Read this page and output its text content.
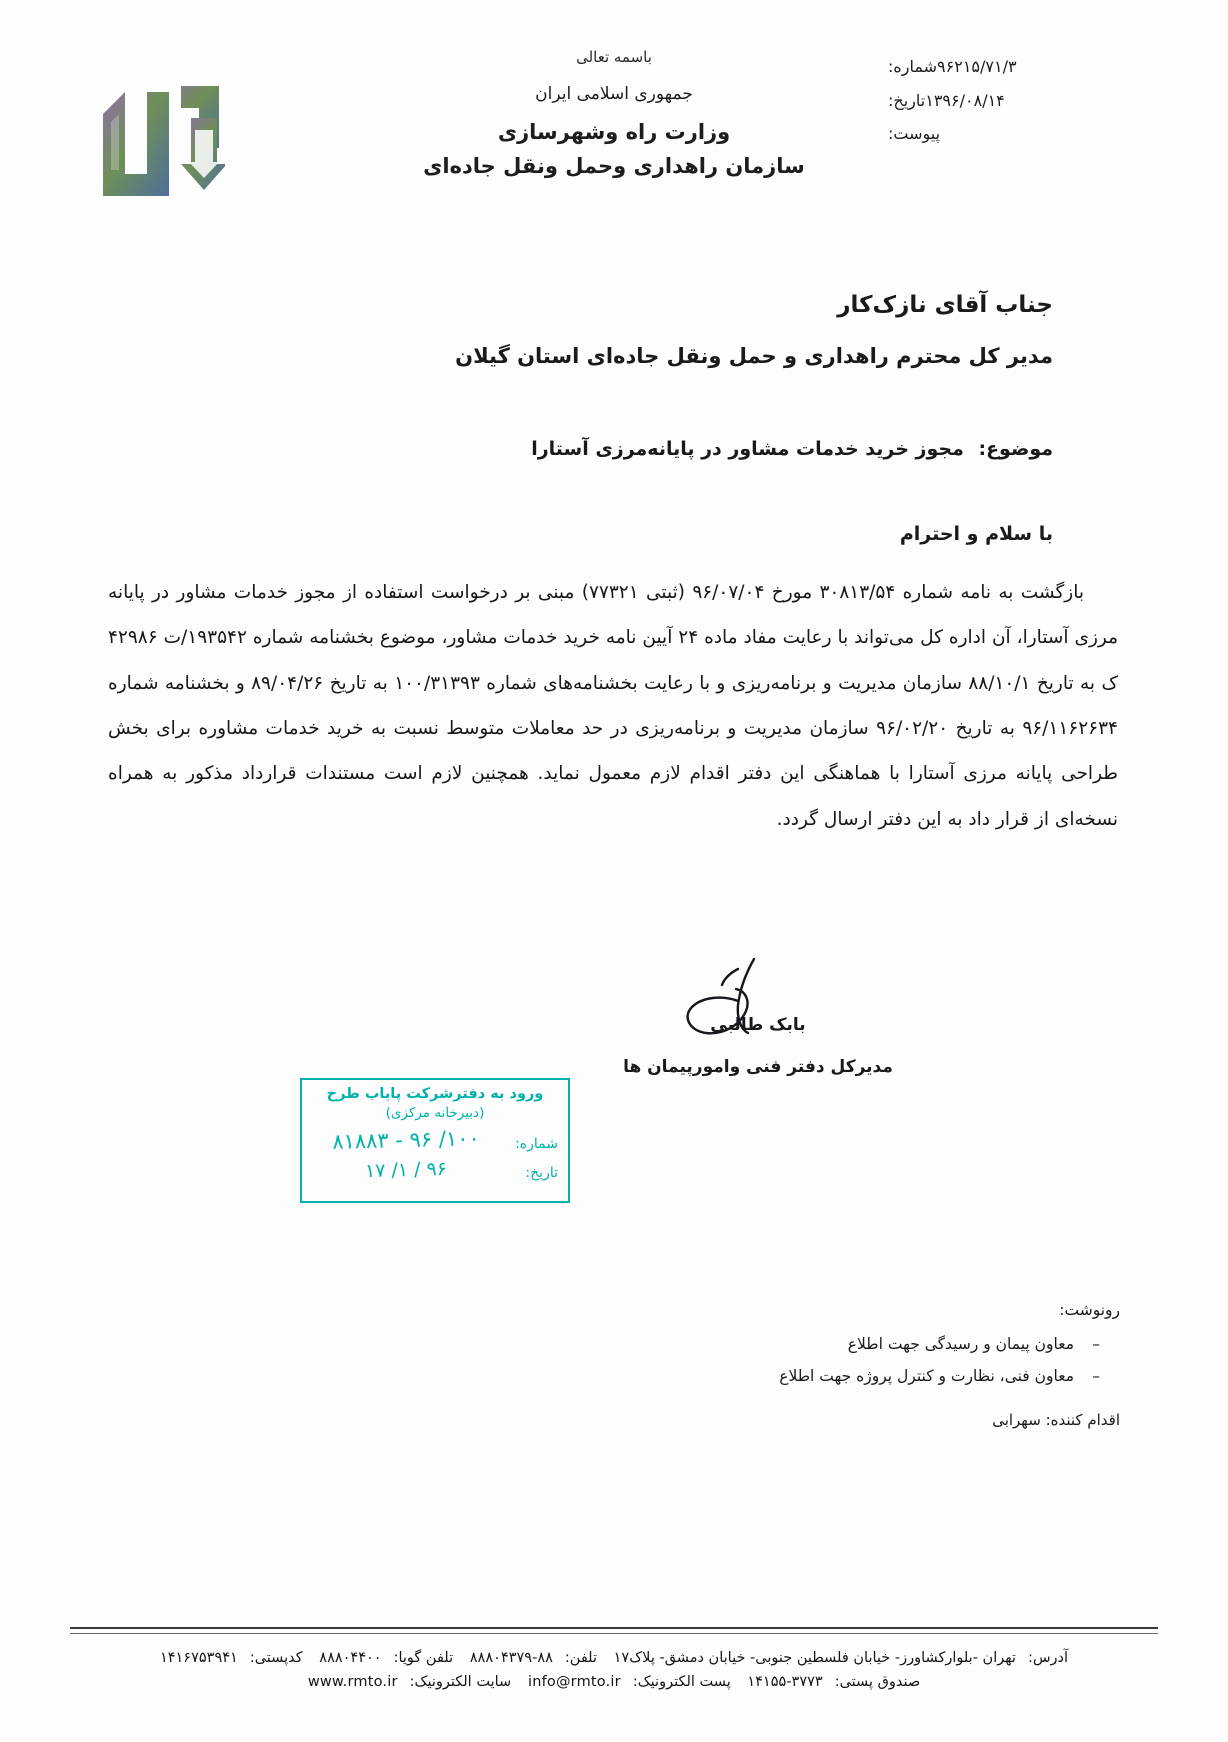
باسمه تعالی
جمهوری اسلامی ایران
وزارت راه وشهرسازی
سازمان راهداری وحمل ونقل جاده‌ای
۹۶۲۱۵/۷۱/۳شماره:
۱۳۹۶/۰۸/۱۴تاریخ:
پیوست:
جناب آقای نازک‌کار
مدیر کل محترم راهداری و حمل ونقل جاده‌ای استان گیلان
موضوع: مجوز خرید خدمات مشاور در پایانه‌مرزی آستارا
با سلام و احترام

بازگشت به نامه شماره ۳۰۸۱۳/۵۴ مورخ ۹۶/۰۷/۰۴ (ثبتی ۷۷۳۲۱) مبنی بر درخواست استفاده از مجوز خدمات مشاور در پایانه مرزی آستارا، آن اداره کل می‌تواند با رعایت مفاد ماده ۲۴ آیین نامه خرید خدمات مشاور، موضوع بخشنامه شماره ۱۹۳۵۴۲/ت ۴۲۹۸۶ ک به تاریخ ۸۸/۱۰/۱ سازمان مدیریت و برنامه‌ریزی و با رعایت بخشنامه‌های شماره ۱۰۰/۳۱۳۹۳ به تاریخ ۸۹/۰۴/۲۶ و بخشنامه شماره ۹۶/۱۱۶۲۶۳۴ به تاریخ ۹۶/۰۲/۲۰ سازمان مدیریت و برنامه‌ریزی در حد معاملات متوسط نسبت به خرید خدمات مشاوره برای بخش طراحی پایانه مرزی آستارا با هماهنگی این دفتر اقدام لازم معمول نماید. همچنین لازم است مستندات قرارداد مذکور به همراه نسخه‌ای از قرار داد به این دفتر ارسال گردد.

بابک طالبی
مدیرکل دفتر فنی وامورپیمان ها
ورود به دفترشرکت پایاب طرح
(دبیرخانه مرکزی)
شماره:
۱۰۰/ ۹۶ - ۸۱۸۸۳
تاریخ:
۹۶ / ۱/ ۱۷
رونوشت:
–
معاون پیمان و رسیدگی جهت اطلاع
–
معاون فنی، نظارت و کنترل پروژه جهت اطلاع
اقدام کننده: سهرابی
آدرس:تهران -بلوارکشاورز- خیابان فلسطین جنوبی- خیابان دمشق- پلاک۱۷ تلفن:۸۸-۸۸۸۰۴۳۷۹ تلفن گویا:۸۸۸۰۴۴۰۰ کدپستی:۱۴۱۶۷۵۳۹۴۱
صندوق پستی:۳۷۷۳-۱۴۱۵۵ پست الکترونیک:info@rmto.ir سایت الکترونیک:www.rmto.ir
